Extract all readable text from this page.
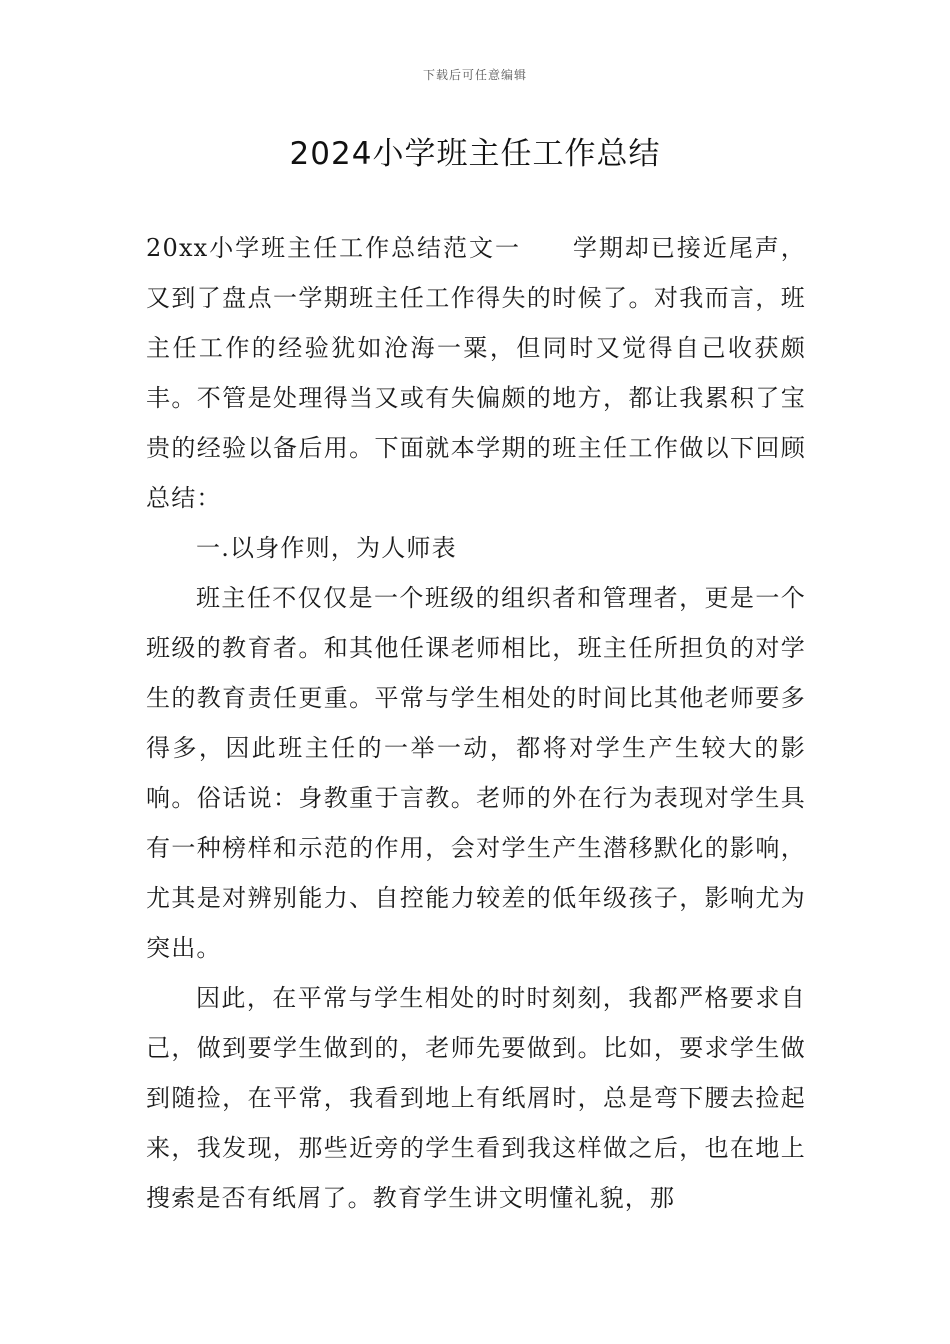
下载后可任意编辑
2024小学班主任工作总结

20xx小学班主任工作总结范文一　　学期却已接近尾声，又到了盘点一学期班主任工作得失的时候了。对我而言，班主任工作的经验犹如沧海一粟，但同时又觉得自己收获颇丰。不管是处理得当又或有失偏颇的地方，都让我累积了宝贵的经验以备后用。下面就本学期的班主任工作做以下回顾总结：

一.以身作则，为人师表

班主任不仅仅是一个班级的组织者和管理者，更是一个班级的教育者。和其他任课老师相比，班主任所担负的对学生的教育责任更重。平常与学生相处的时间比其他老师要多得多，因此班主任的一举一动，都将对学生产生较大的影响。俗话说：身教重于言教。老师的外在行为表现对学生具有一种榜样和示范的作用，会对学生产生潜移默化的影响，尤其是对辨别能力、自控能力较差的低年级孩子，影响尤为突出。

因此，在平常与学生相处的时时刻刻，我都严格要求自己，做到要学生做到的，老师先要做到。比如，要求学生做到随捡，在平常，我看到地上有纸屑时，总是弯下腰去捡起来，我发现，那些近旁的学生看到我这样做之后，也在地上搜索是否有纸屑了。教育学生讲文明懂礼貌，那
